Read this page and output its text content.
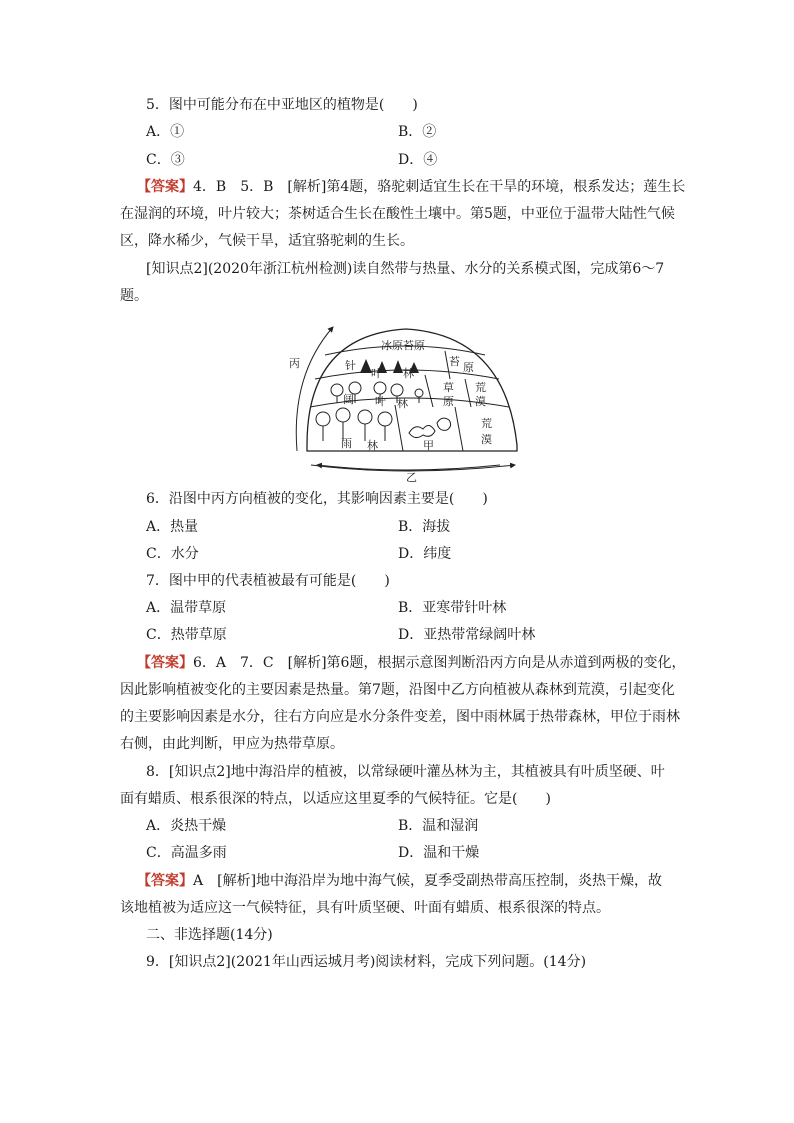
5．图中可能分布在中亚地区的植物是(　　)
A．①	B．②
C．③	D．④
【答案】4．B　5．B　[解析]第4题，骆驼刺适宜生长在干旱的环境，根系发达；莲生长
在湿润的环境，叶片较大；茶树适合生长在酸性土壤中。第5题，中亚位于温带大陆性气候
区，降水稀少，气候干旱，适宜骆驼刺的生长。
[知识点2](2020年浙江杭州检测)读自然带与热量、水分的关系模式图，完成第6～7
题。
丙
乙
甲
冰原苔原
苔 原
针
叶 林
阔 叶 林
草
原
荒
漠
荒
漠
雨 林
6．沿图中丙方向植被的变化，其影响因素主要是(　　)
A．热量	B．海拔
C．水分	D．纬度
7．图中甲的代表植被最有可能是(　　)
A．温带草原	B．亚寒带针叶林
C．热带草原	D．亚热带常绿阔叶林
【答案】6．A　7．C　[解析]第6题，根据示意图判断沿丙方向是从赤道到两极的变化，
因此影响植被变化的主要因素是热量。第7题，沿图中乙方向植被从森林到荒漠，引起变化
的主要影响因素是水分，往右方向应是水分条件变差，图中雨林属于热带森林，甲位于雨林
右侧，由此判断，甲应为热带草原。
8．[知识点2]地中海沿岸的植被，以常绿硬叶灌丛林为主，其植被具有叶质坚硬、叶
面有蜡质、根系很深的特点，以适应这里夏季的气候特征。它是(　　)
A．炎热干燥	B．温和湿润
C．高温多雨	D．温和干燥
【答案】A　[解析]地中海沿岸为地中海气候，夏季受副热带高压控制，炎热干燥，故
该地植被为适应这一气候特征，具有叶质坚硬、叶面有蜡质、根系很深的特点。
二、非选择题(14分)
9．[知识点2](2021年山西运城月考)阅读材料，完成下列问题。(14分)
